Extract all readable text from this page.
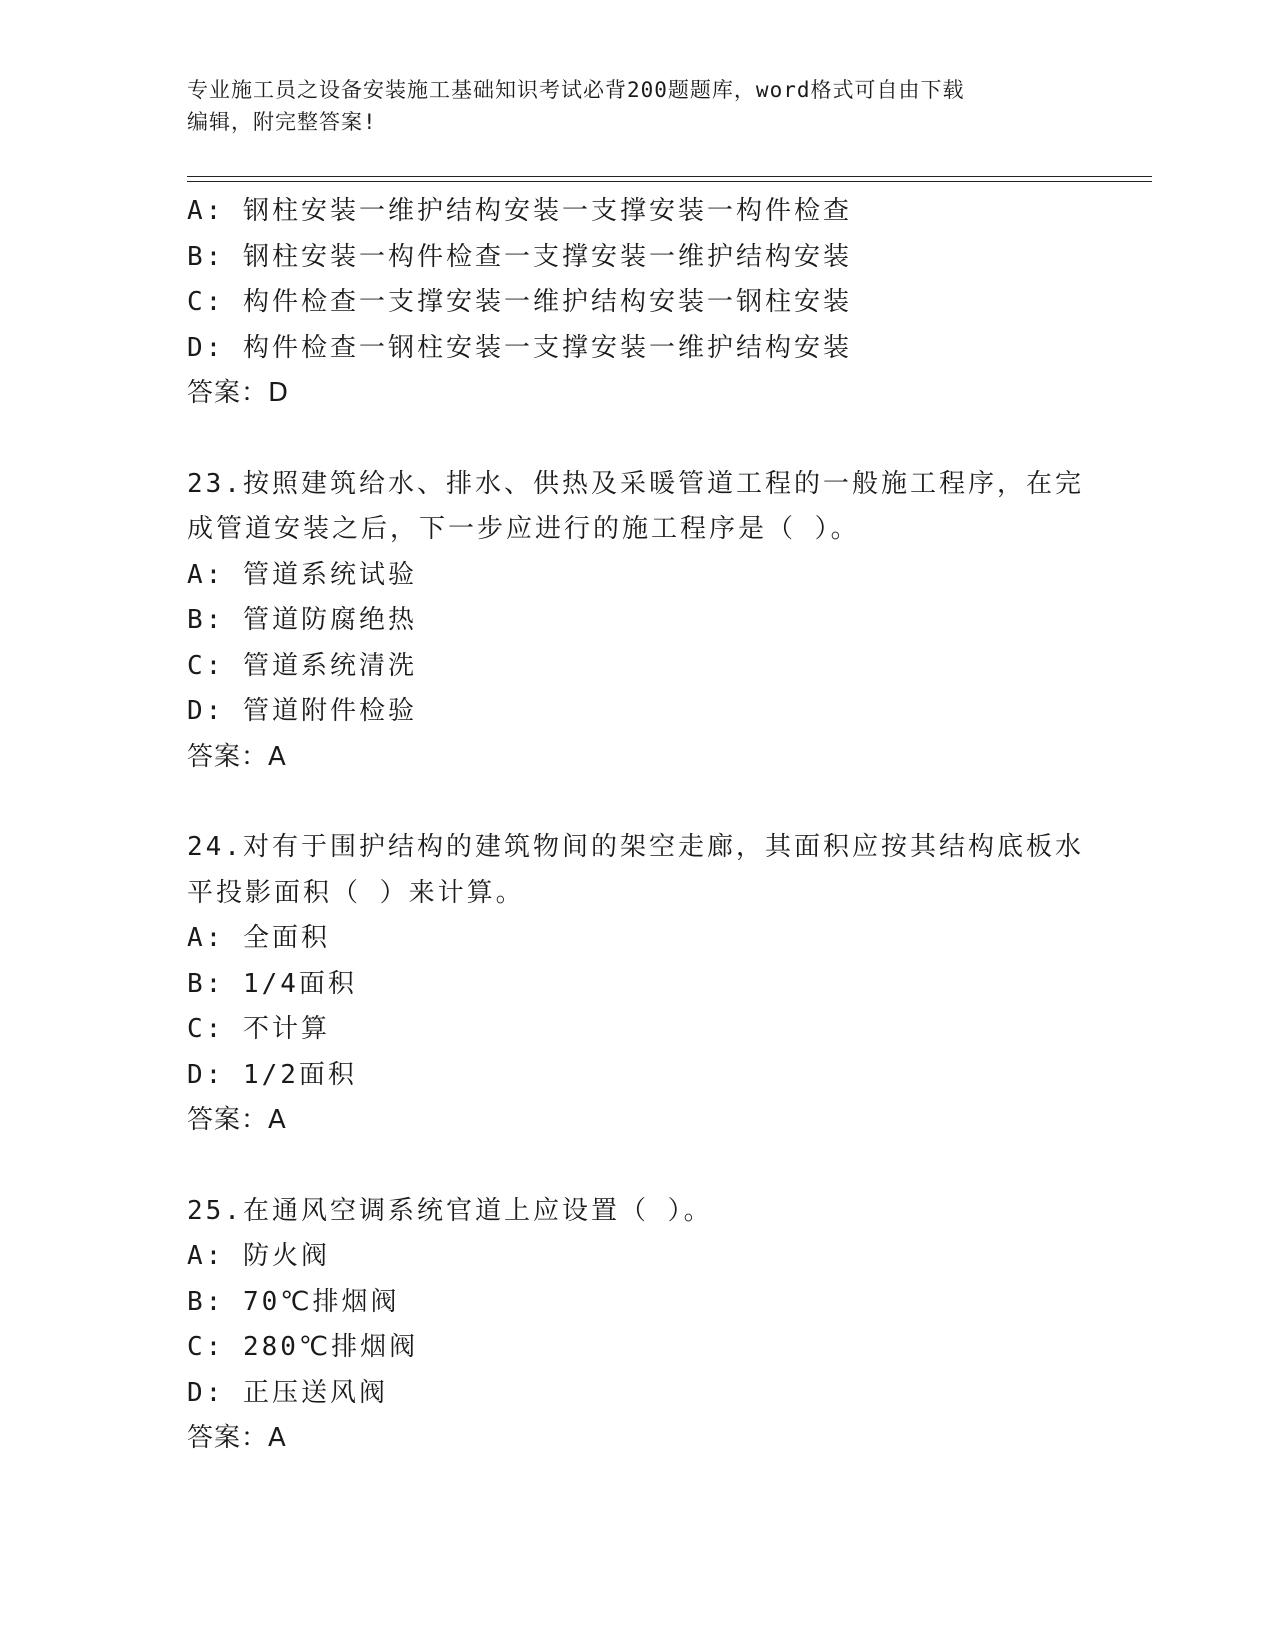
专业施工员之设备安装施工基础知识考试必背200题题库，word格式可自由下载
编辑，附完整答案!
A: 钢柱安装一维护结构安装一支撑安装一构件检查
B: 钢柱安装一构件检查一支撑安装一维护结构安装
C: 构件检查一支撑安装一维护结构安装一钢柱安装
D: 构件检查一钢柱安装一支撑安装一维护结构安装
答案：D
23.按照建筑给水、排水、供热及采暖管道工程的一般施工程序，在完
成管道安装之后，下一步应进行的施工程序是（ ）。
A: 管道系统试验
B: 管道防腐绝热
C: 管道系统清洗
D: 管道附件检验
答案：A
24.对有于围护结构的建筑物间的架空走廊，其面积应按其结构底板水
平投影面积（ ）来计算。
A: 全面积
B: 1/4面积
C: 不计算
D: 1/2面积
答案：A
25.在通风空调系统官道上应设置（ ）。
A: 防火阀
B: 70℃排烟阀
C: 280℃排烟阀
D: 正压送风阀
答案：A
